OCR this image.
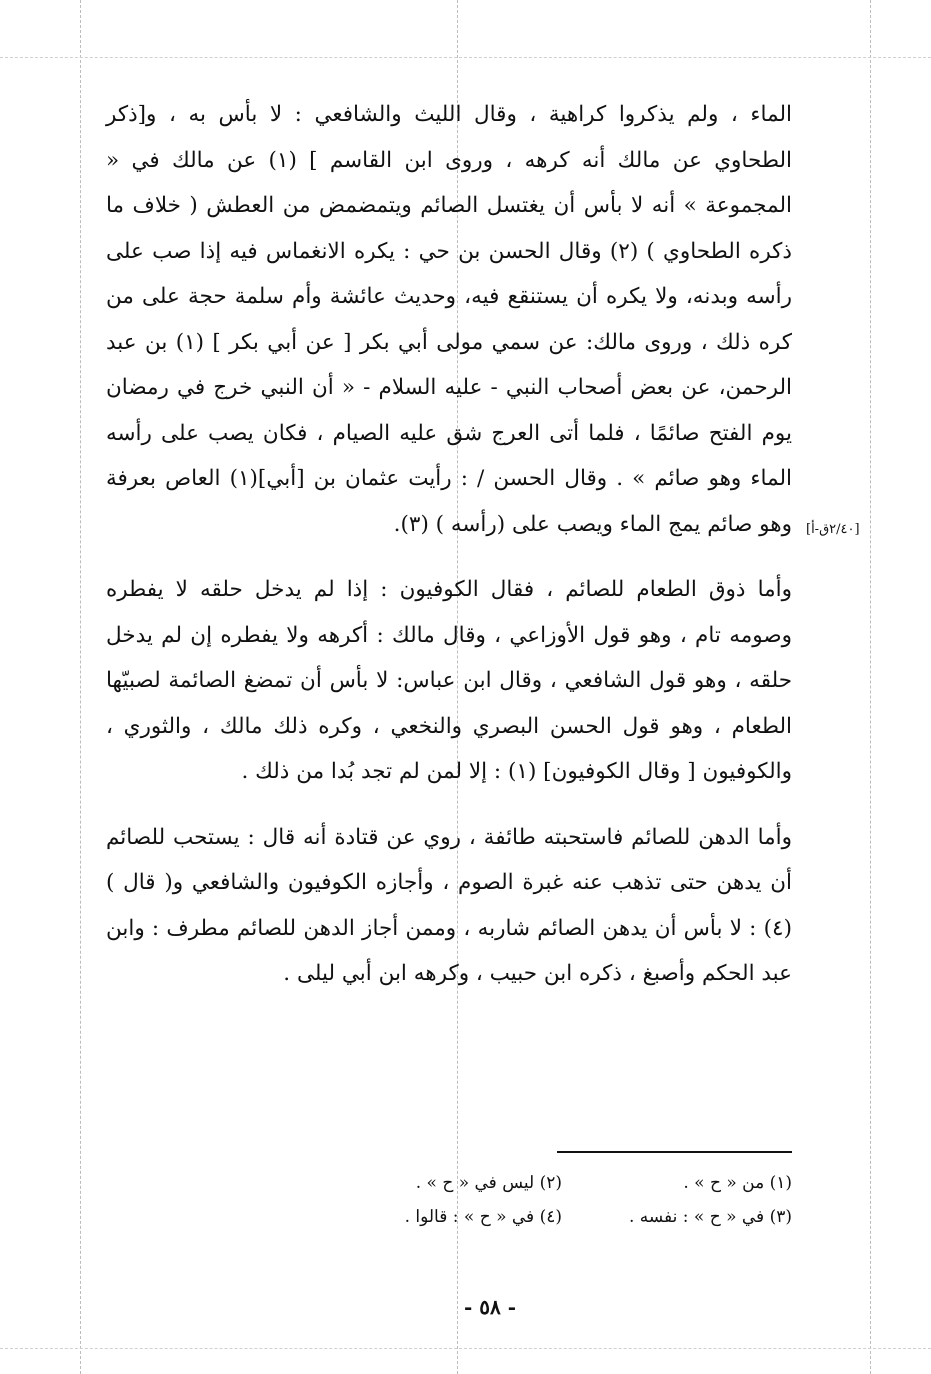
الماء ، ولم يذكروا كراهية ، وقال الليث والشافعي : لا بأس به ، و[ذكر الطحاوي عن مالك أنه كرهه ، وروى ابن القاسم ] (١) عن مالك في « المجموعة » أنه لا بأس أن يغتسل الصائم ويتمضمض من العطش ( خلاف ما ذكره الطحاوي ) (٢) وقال الحسن بن حي : يكره الانغماس فيه إذا صب على رأسه وبدنه، ولا يكره أن يستنقع فيه، وحديث عائشة وأم سلمة حجة على من كره ذلك ، وروى مالك: عن سمي مولى أبي بكر [ عن أبي بكر ] (١) بن عبد الرحمن، عن بعض أصحاب النبي - عليه السلام - « أن النبي خرج في رمضان يوم الفتح صائمًا ، فلما أتى العرج شق عليه الصيام ، فكان يصب على رأسه الماء وهو صائم » . وقال الحسن / : رأيت عثمان بن [أبي](١) العاص بعرفة وهو صائم يمج الماء ويصب على (رأسه ) (٣).

وأما ذوق الطعام للصائم ، فقال الكوفيون : إذا لم يدخل حلقه لا يفطره وصومه تام ، وهو قول الأوزاعي ، وقال مالك : أكرهه ولا يفطره إن لم يدخل حلقه ، وهو قول الشافعي ، وقال ابن عباس: لا بأس أن تمضغ الصائمة لصبيّها الطعام ، وهو قول الحسن البصري والنخعي ، وكره ذلك مالك ، والثوري ، والكوفيون [ وقال الكوفيون] (١) : إلا لمن لم تجد بُدا من ذلك .

وأما الدهن للصائم فاستحبته طائفة ، روي عن قتادة أنه قال : يستحب للصائم أن يدهن حتى تذهب عنه غبرة الصوم ، وأجازه الكوفيون والشافعي و( قال ) (٤) : لا بأس أن يدهن الصائم شاربه ، وممن أجاز الدهن للصائم مطرف : وابن عبد الحكم وأصبغ ، ذكره ابن حبيب ، وكرهه ابن أبي ليلى .

[٢/٤٠ق-أ]
(١) من « ح » .
(٢) ليس في « ح » .
(٣) في « ح » : نفسه .
(٤) في « ح » : قالوا .
- ٥٨ -
